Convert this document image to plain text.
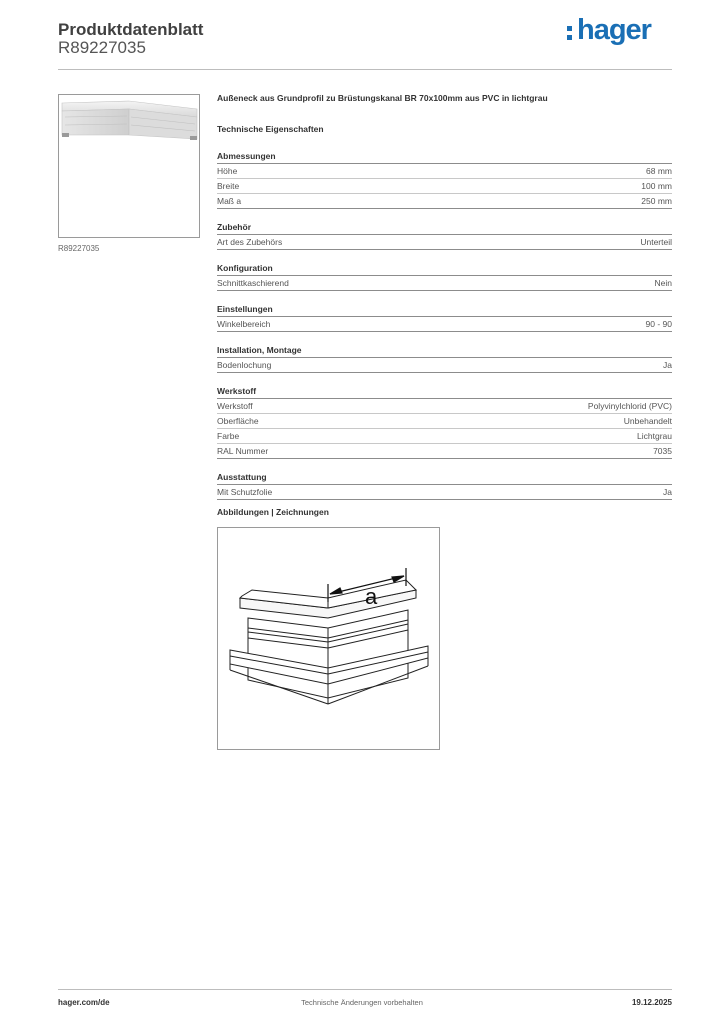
Produktdatenblatt
R89227035
hager
R89227035
Außeneck aus Grundprofil zu Brüstungskanal BR 70x100mm aus PVC in lichtgrau
Technische Eigenschaften
Abmessungen
Höhe	68 mm
Breite	100 mm
Maß a	250 mm
Zubehör
Art des Zubehörs	Unterteil
Konfiguration
Schnittkaschierend	Nein
Einstellungen
Winkelbereich	90 - 90
Installation, Montage
Bodenlochung	Ja
Werkstoff
Werkstoff	Polyvinylchlorid (PVC)
Oberfläche	Unbehandelt
Farbe	Lichtgrau
RAL Nummer	7035
Ausstattung
Mit Schutzfolie	Ja
Abbildungen | Zeichnungen
a
hager.com/de	Technische Änderungen vorbehalten	19.12.2025
